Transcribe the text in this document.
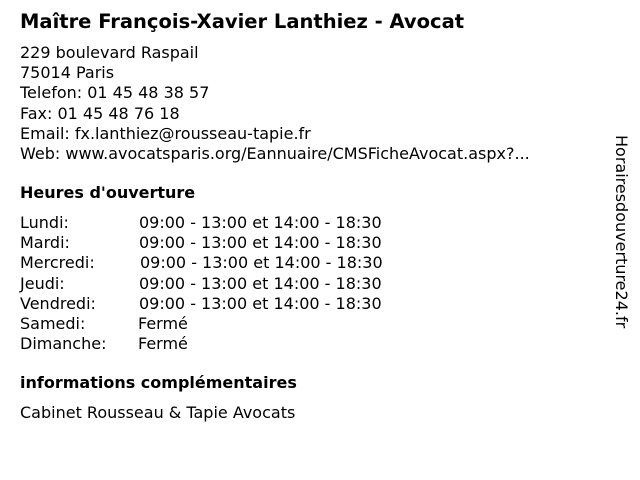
Maître François-Xavier Lanthiez - Avocat
229 boulevard Raspail
75014 Paris
Telefon: 01 45 48 38 57
Fax: 01 45 48 76 18
Email: fx.lanthiez@rousseau-tapie.fr
Web: www.avocatsparis.org/Eannuaire/CMSFicheAvocat.aspx?...
Heures d'ouverture
Lundi:	09:00 - 13:00 et 14:00 - 18:30
Mardi:	09:00 - 13:00 et 14:00 - 18:30
Mercredi:	09:00 - 13:00 et 14:00 - 18:30
Jeudi:	09:00 - 13:00 et 14:00 - 18:30
Vendredi:	09:00 - 13:00 et 14:00 - 18:30
Samedi:	Fermé
Dimanche: Fermé
informations complémentaires
Cabinet Rousseau & Tapie Avocats
Horairesdouverture24.fr
